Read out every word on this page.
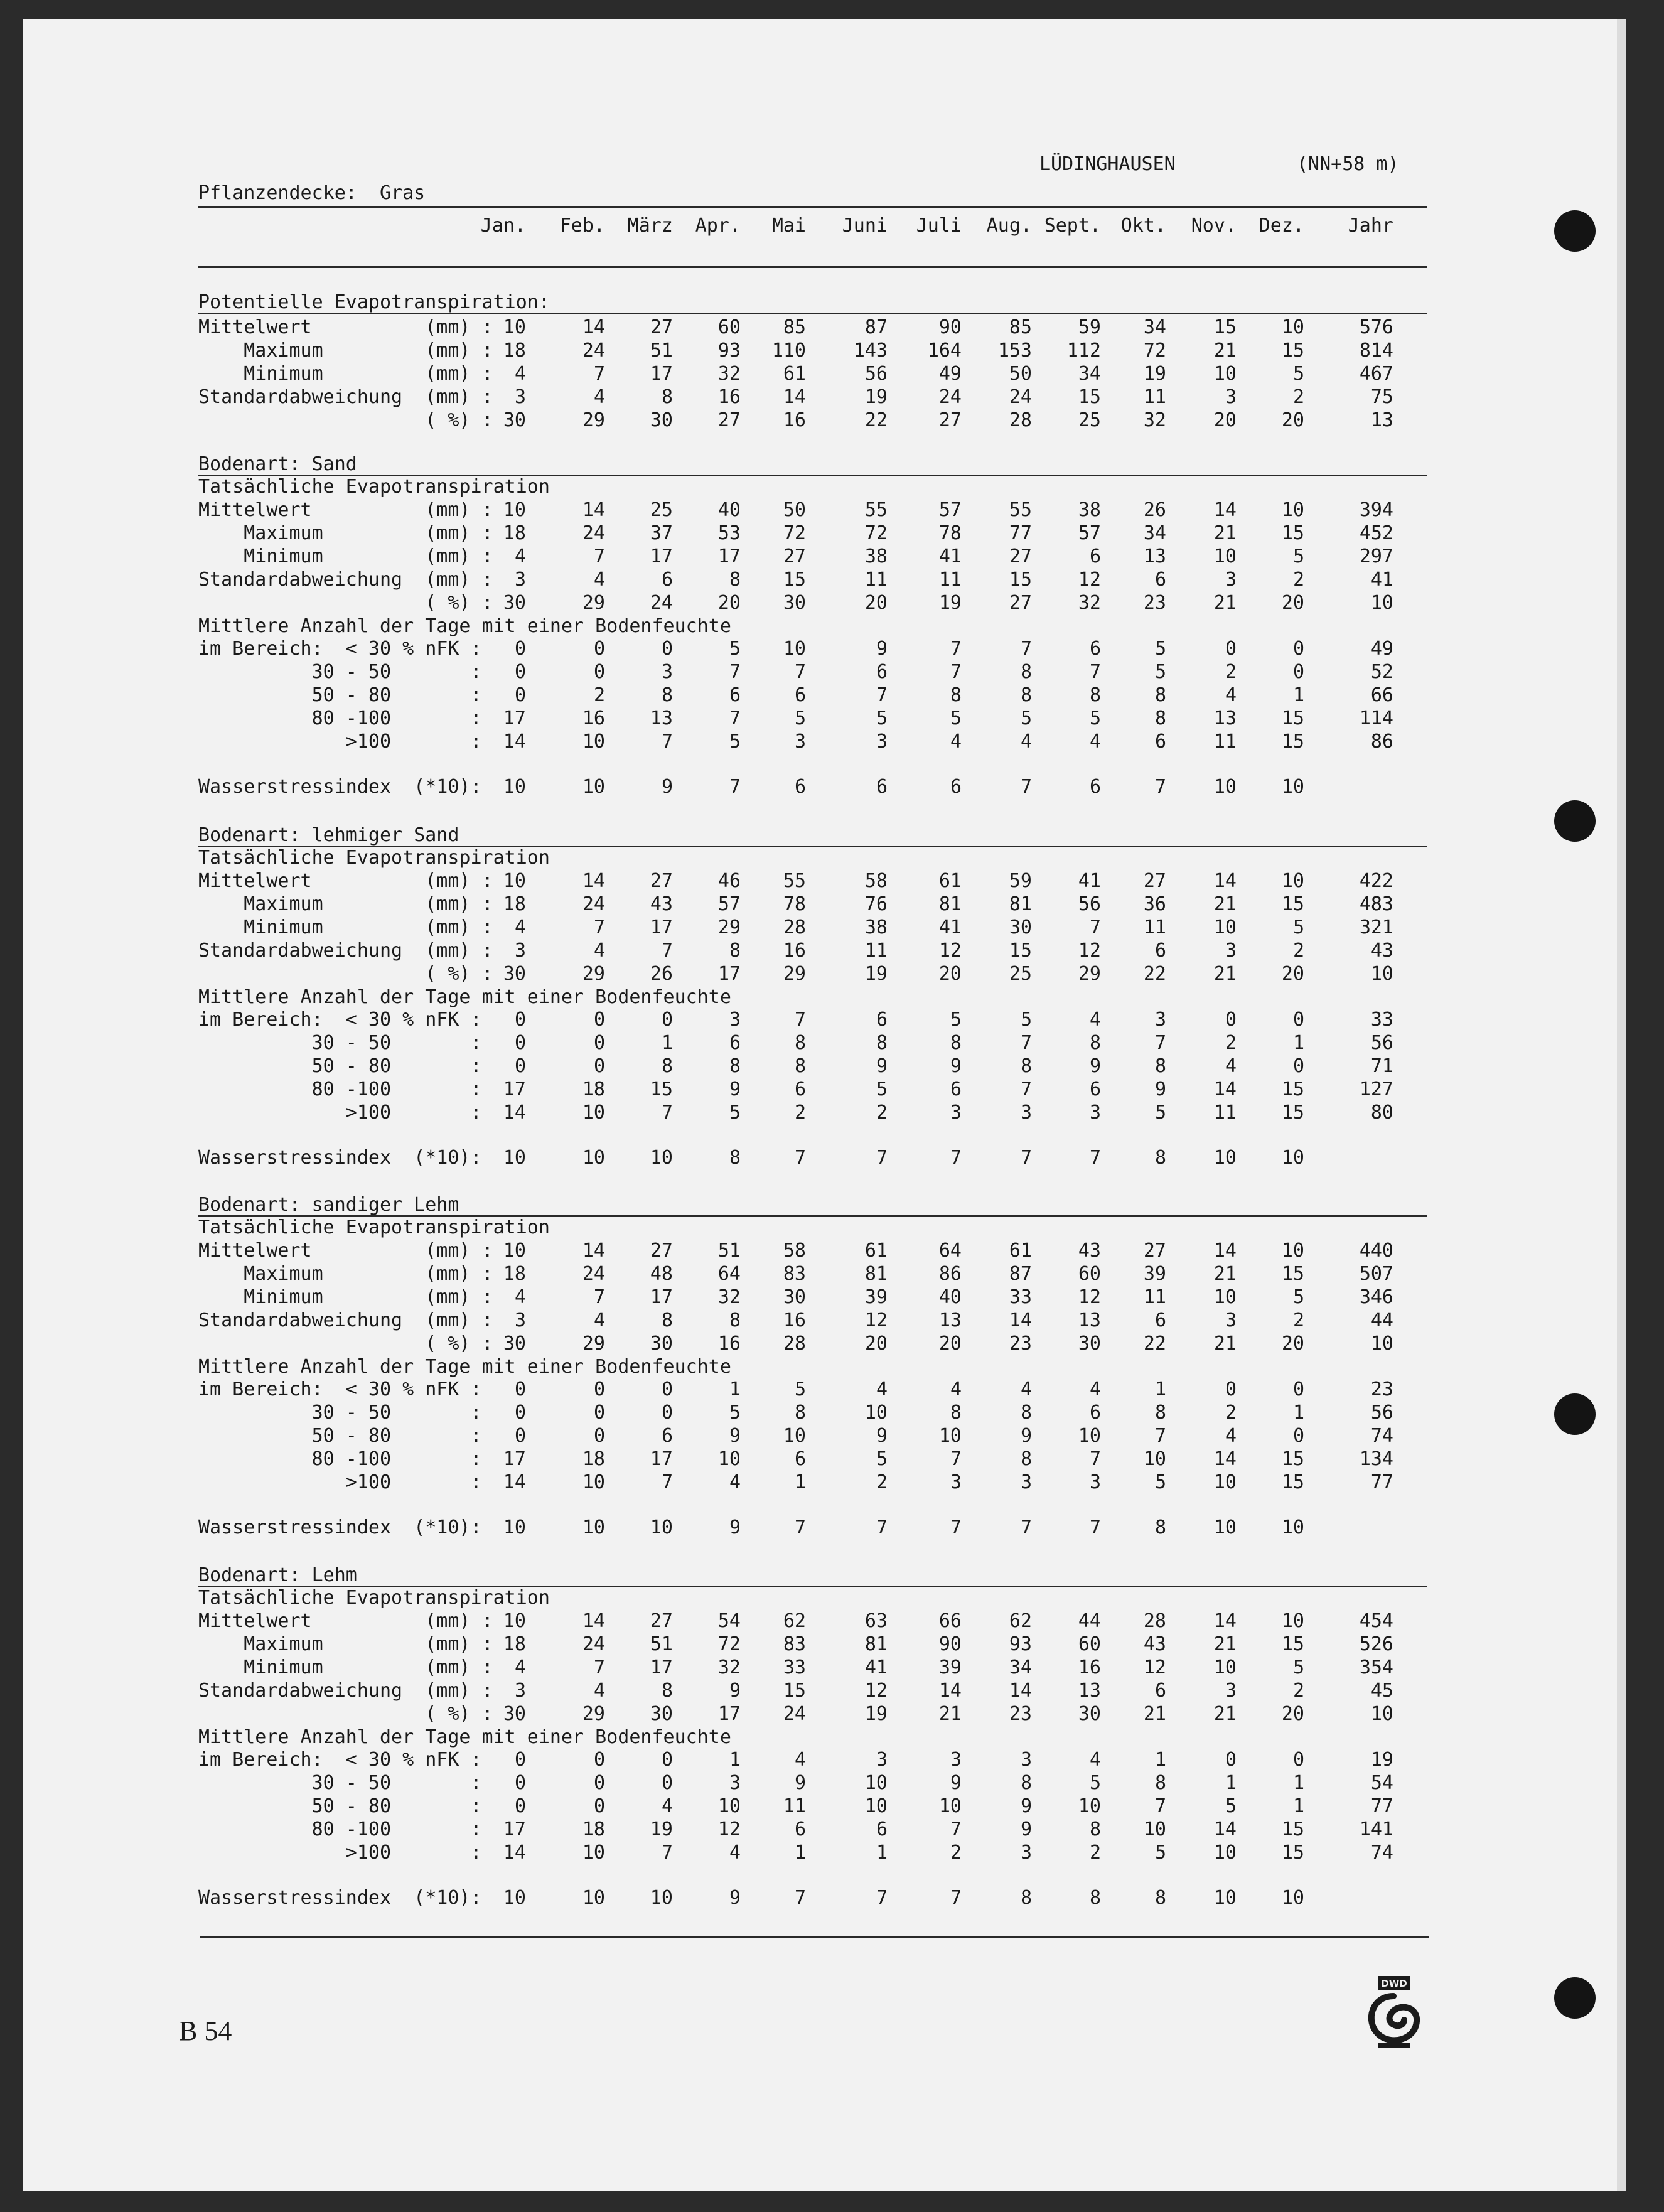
LÜDINGHAUSEN	(NN+58 m)
Pflanzendecke:  Gras
Jan.	Feb.	März	Apr.	Mai	Juni	Juli	Aug. Sept.	Okt.	Nov.	Dez.	Jahr
Potentielle Evapotranspiration:
Mittelwert          (mm) : 10	14	27	60	85	87	90	85	59	34	15	10	576
Maximum         (mm) : 18	24	51	93	110	143	164	153	112	72	21	15	814
Minimum         (mm) :	4	7	17	32	61	56	49	50	34	19	10	5	467
Standardabweichung  (mm) :	3	4	8	16	14	19	24	24	15	11	3	2	75
( %) : 30	29	30	27	16	22	27	28	25	32	20	20	13
Bodenart: Sand
Tatsächliche Evapotranspiration
Mittelwert          (mm) : 10	14	25	40	50	55	57	55	38	26	14	10	394
Maximum         (mm) : 18	24	37	53	72	72	78	77	57	34	21	15	452
Minimum         (mm) :	4	7	17	17	27	38	41	27	6	13	10	5	297
Standardabweichung  (mm) :	3	4	6	8	15	11	11	15	12	6	3	2	41
( %) : 30	29	24	20	30	20	19	27	32	23	21	20	10
Mittlere Anzahl der Tage mit einer Bodenfeuchte
im Bereich:  < 30 % nFK :	0	0	0	5	10	9	7	7	6	5	0	0	49
30 - 50       :	0	0	3	7	7	6	7	8	7	5	2	0	52
50 - 80       :	0	2	8	6	6	7	8	8	8	8	4	1	66
80 -100       :	17	16	13	7	5	5	5	5	5	8	13	15	114
>100       :	14	10	7	5	3	3	4	4	4	6	11	15	86
Wasserstressindex  (*10):	10	10	9	7	6	6	6	7	6	7	10	10
Bodenart: lehmiger Sand
Tatsächliche Evapotranspiration
Mittelwert          (mm) : 10	14	27	46	55	58	61	59	41	27	14	10	422
Maximum         (mm) : 18	24	43	57	78	76	81	81	56	36	21	15	483
Minimum         (mm) :	4	7	17	29	28	38	41	30	7	11	10	5	321
Standardabweichung  (mm) :	3	4	7	8	16	11	12	15	12	6	3	2	43
( %) : 30	29	26	17	29	19	20	25	29	22	21	20	10
Mittlere Anzahl der Tage mit einer Bodenfeuchte
im Bereich:  < 30 % nFK :	0	0	0	3	7	6	5	5	4	3	0	0	33
30 - 50       :	0	0	1	6	8	8	8	7	8	7	2	1	56
50 - 80       :	0	0	8	8	8	9	9	8	9	8	4	0	71
80 -100       :	17	18	15	9	6	5	6	7	6	9	14	15	127
>100       :	14	10	7	5	2	2	3	3	3	5	11	15	80
Wasserstressindex  (*10):	10	10	10	8	7	7	7	7	7	8	10	10
Bodenart: sandiger Lehm
Tatsächliche Evapotranspiration
Mittelwert          (mm) : 10	14	27	51	58	61	64	61	43	27	14	10	440
Maximum         (mm) : 18	24	48	64	83	81	86	87	60	39	21	15	507
Minimum         (mm) :	4	7	17	32	30	39	40	33	12	11	10	5	346
Standardabweichung  (mm) :	3	4	8	8	16	12	13	14	13	6	3	2	44
( %) : 30	29	30	16	28	20	20	23	30	22	21	20	10
Mittlere Anzahl der Tage mit einer Bodenfeuchte
im Bereich:  < 30 % nFK :	0	0	0	1	5	4	4	4	4	1	0	0	23
30 - 50       :	0	0	0	5	8	10	8	8	6	8	2	1	56
50 - 80       :	0	0	6	9	10	9	10	9	10	7	4	0	74
80 -100       :	17	18	17	10	6	5	7	8	7	10	14	15	134
>100       :	14	10	7	4	1	2	3	3	3	5	10	15	77
Wasserstressindex  (*10):	10	10	10	9	7	7	7	7	7	8	10	10
Bodenart: Lehm
Tatsächliche Evapotranspiration
Mittelwert          (mm) : 10	14	27	54	62	63	66	62	44	28	14	10	454
Maximum         (mm) : 18	24	51	72	83	81	90	93	60	43	21	15	526
Minimum         (mm) :	4	7	17	32	33	41	39	34	16	12	10	5	354
Standardabweichung  (mm) :	3	4	8	9	15	12	14	14	13	6	3	2	45
( %) : 30	29	30	17	24	19	21	23	30	21	21	20	10
Mittlere Anzahl der Tage mit einer Bodenfeuchte
im Bereich:  < 30 % nFK :	0	0	0	1	4	3	3	3	4	1	0	0	19
30 - 50       :	0	0	0	3	9	10	9	8	5	8	1	1	54
50 - 80       :	0	0	4	10	11	10	10	9	10	7	5	1	77
80 -100       :	17	18	19	12	6	6	7	9	8	10	14	15	141
>100       :	14	10	7	4	1	1	2	3	2	5	10	15	74
Wasserstressindex  (*10):	10	10	10	9	7	7	7	8	8	8	10	10
B 54
DWD
